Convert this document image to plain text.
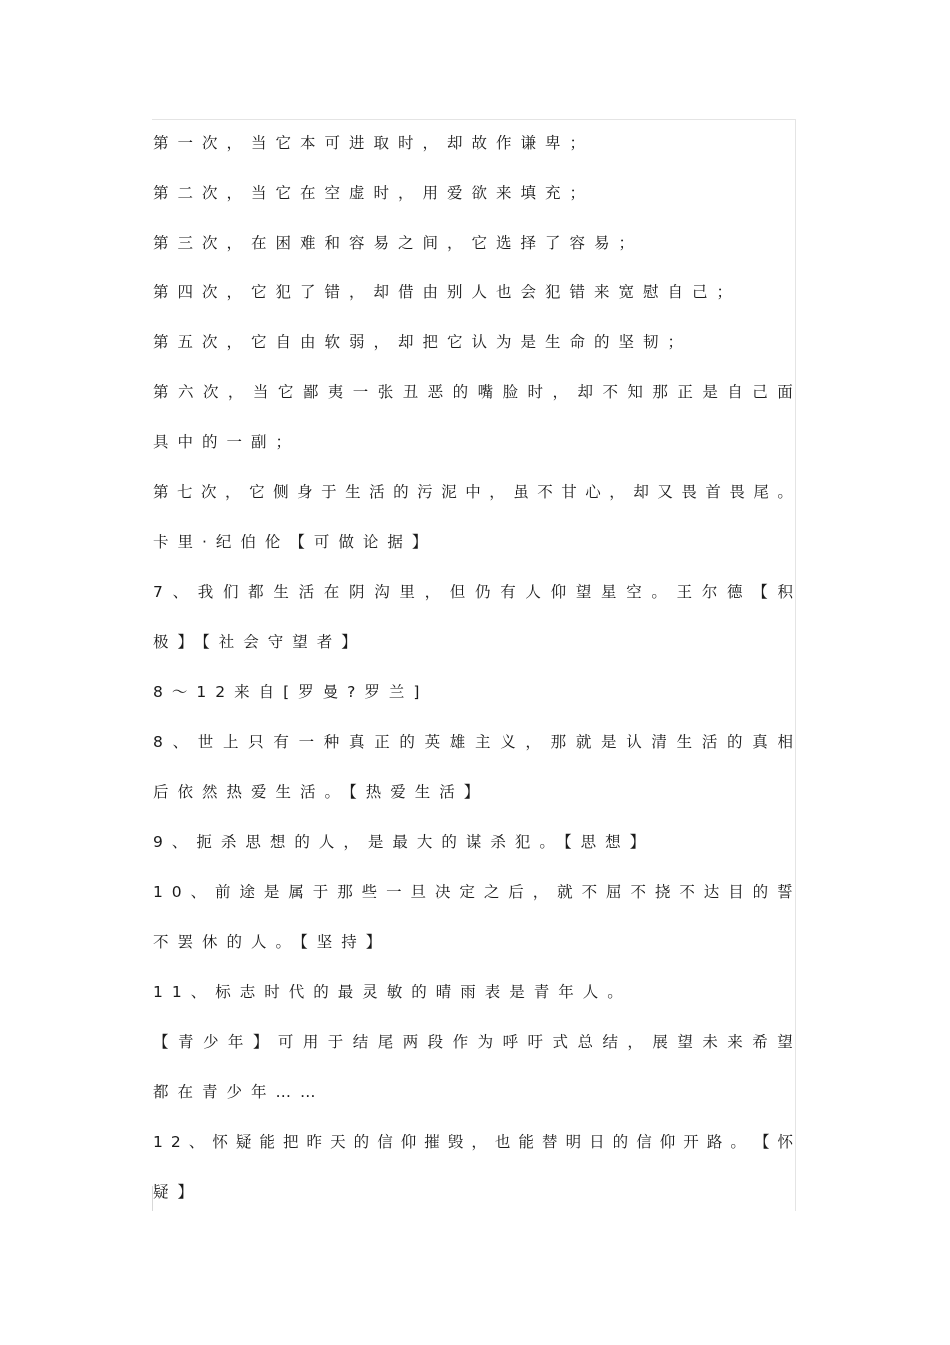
第一次，当它本可进取时，却故作谦卑；
第二次，当它在空虚时，用爱欲来填充；
第三次，在困难和容易之间，它选择了容易；
第四次，它犯了错，却借由别人也会犯错来宽慰自己；
第五次，它自由软弱，却把它认为是生命的坚韧；
第 六 次 ， 当 它 鄙 夷 一 张 丑 恶 的 嘴 脸 时 ， 却 不 知 那 正 是 自 己 面
具中的一副；
第 七 次 ， 它 侧 身 于 生 活 的 污 泥 中 ， 虽 不 甘 心 ， 却 又 畏 首 畏 尾 。
卡里·纪伯伦【可做论据】
7 、 我 们 都 生 活 在 阴 沟 里 ， 但 仍 有 人 仰 望 星 空 。 王 尔 德 【 积
极】【社会守望者】
8～12来自[罗曼?罗兰]
8 、 世 上 只 有 一 种 真 正 的 英 雄 主 义 ， 那 就 是 认 清 生 活 的 真 相
后依然热爱生活。【热爱生活】
9、扼杀思想的人，是最大的谋杀犯。【思想】
1 0 、 前 途 是 属 于 那 些 一 旦 决 定 之 后 ， 就 不 屈 不 挠 不 达 目 的 誓
不罢休的人。【坚持】
11、标志时代的最灵敏的晴雨表是青年人。
【 青 少 年 】 可 用 于 结 尾 两 段 作 为 呼 吁 式 总 结 ， 展 望 未 来 希 望
都在青少年……
1 2 、 怀 疑 能 把 昨 天 的 信 仰 摧 毁 ， 也 能 替 明 日 的 信 仰 开 路 。 【 怀
疑】
